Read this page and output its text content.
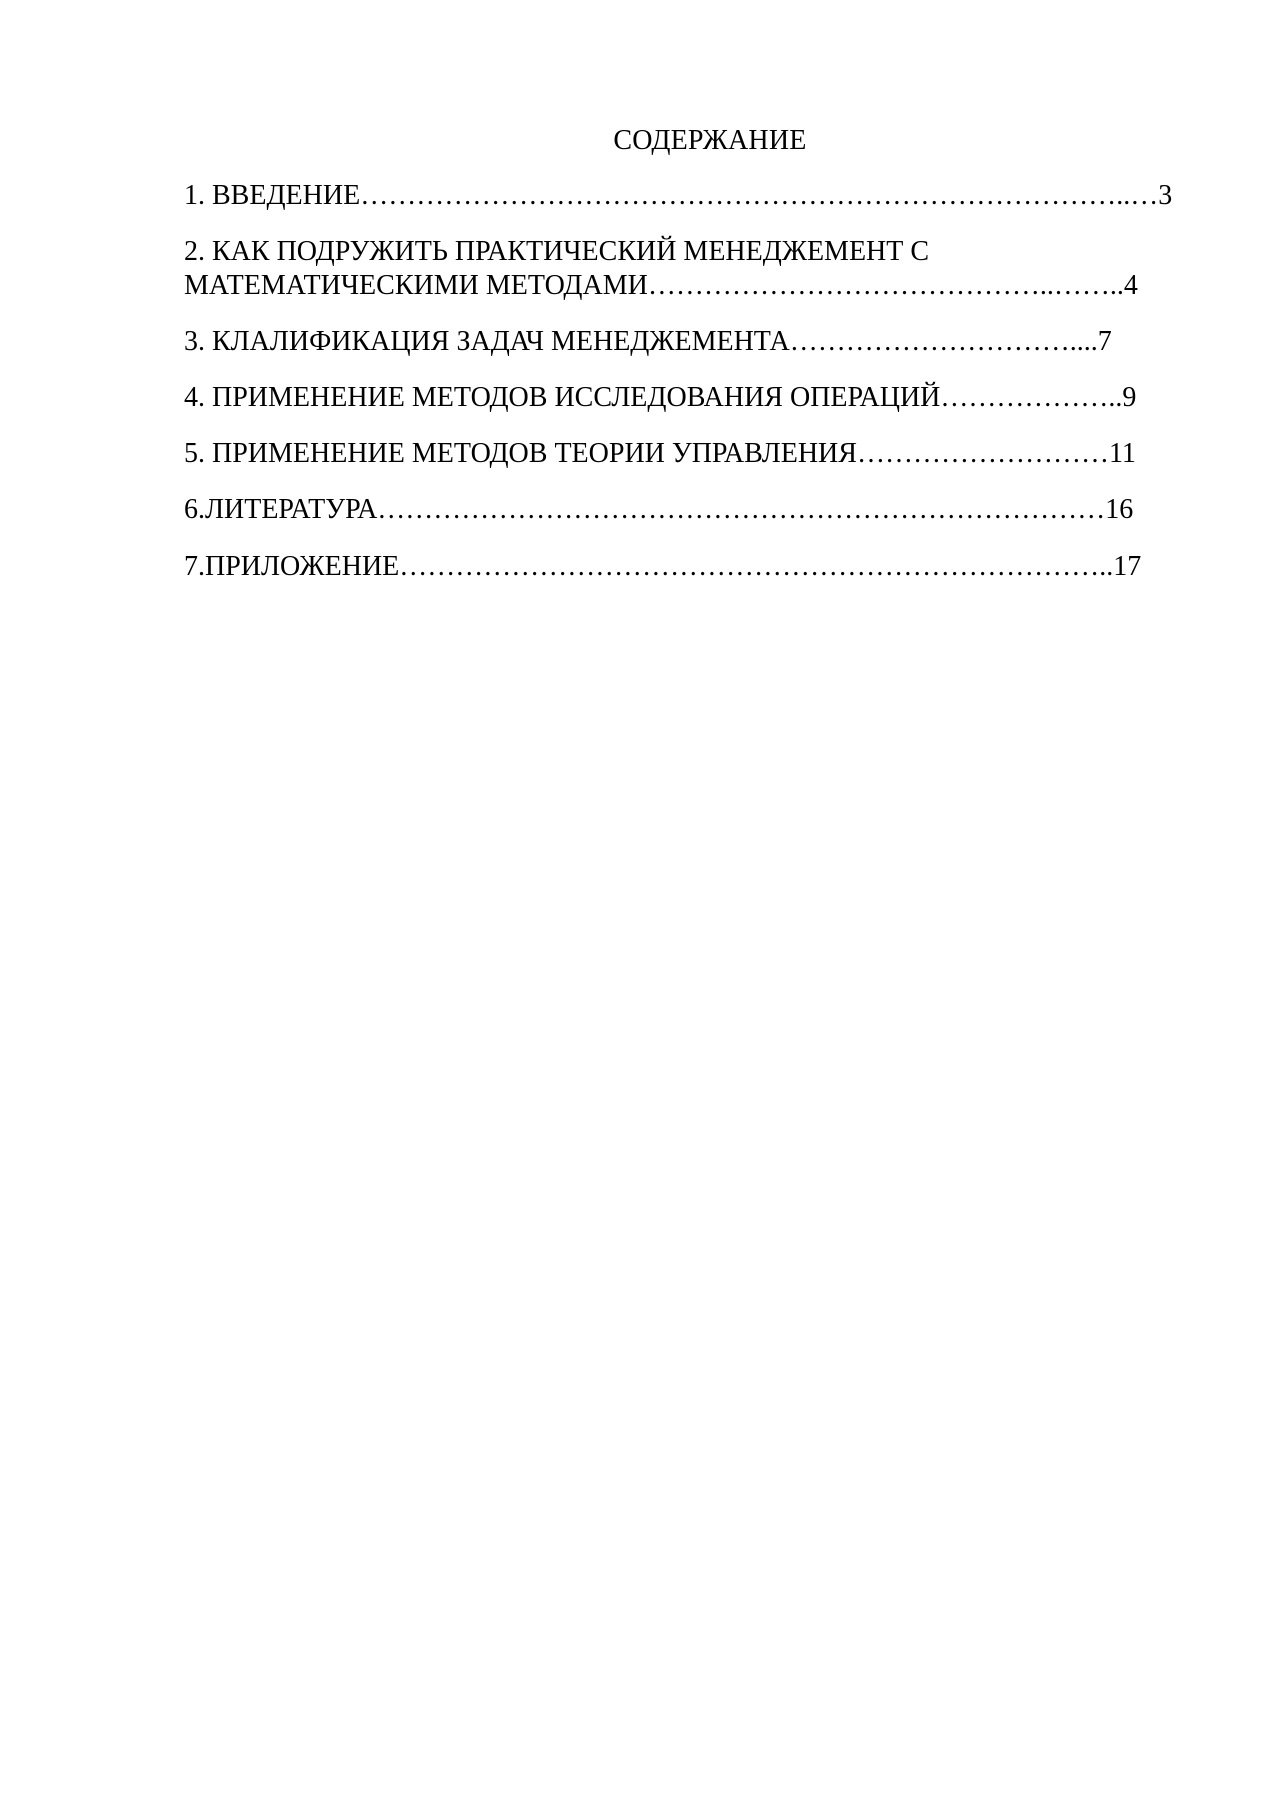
СОДЕРЖАНИЕ
1. ВВЕДЕНИЕ………………………………………………………………………..…3
2. КАК ПОДРУЖИТЬ ПРАКТИЧЕСКИЙ МЕНЕДЖЕМЕНТ С
МАТЕМАТИЧЕСКИМИ МЕТОДАМИ……………………………………..……..4
3. КЛАЛИФИКАЦИЯ ЗАДАЧ МЕНЕДЖЕМЕНТА…………………………....7
4. ПРИМЕНЕНИЕ МЕТОДОВ ИССЛЕДОВАНИЯ ОПЕРАЦИЙ………………..9
5. ПРИМЕНЕНИЕ МЕТОДОВ ТЕОРИИ УПРАВЛЕНИЯ………………………11
6.ЛИТЕРАТУРА……………………………………………………………………16
7.ПРИЛОЖЕНИЕ…………………………………………………………………..17
